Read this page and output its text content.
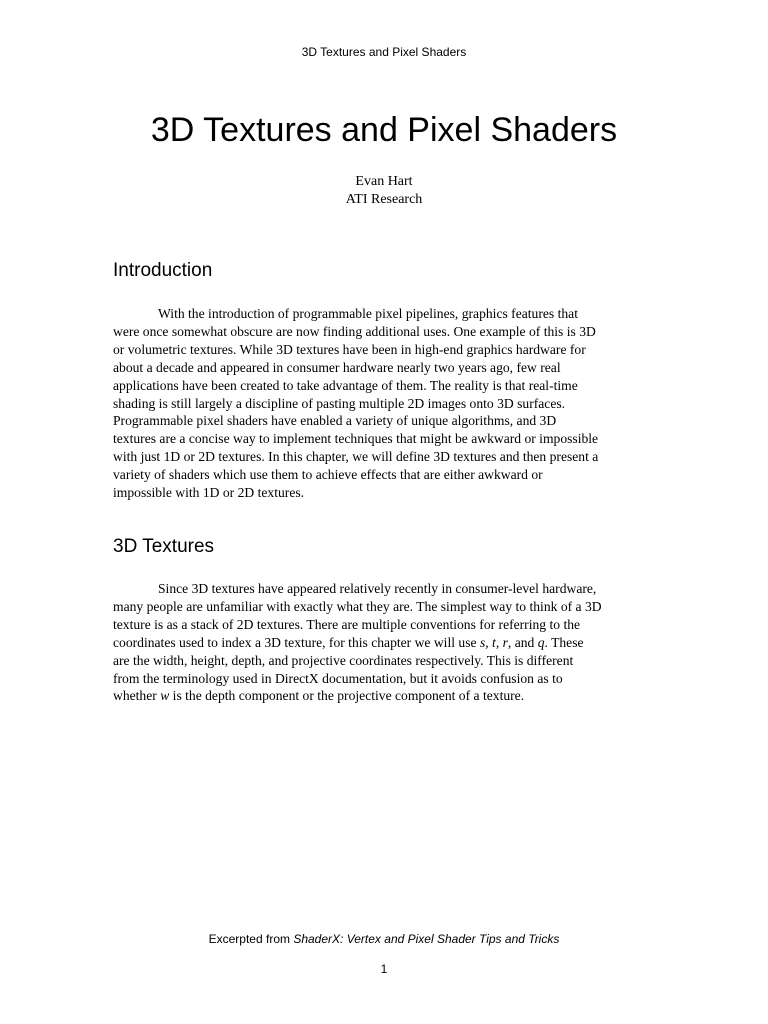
3D Textures and Pixel Shaders
3D Textures and Pixel Shaders
Evan Hart
ATI Research
Introduction

With the introduction of programmable pixel pipelines, graphics features that
were once somewhat obscure are now finding additional uses. One example of this is 3D
or volumetric textures. While 3D textures have been in high-end graphics hardware for
about a decade and appeared in consumer hardware nearly two years ago, few real
applications have been created to take advantage of them. The reality is that real-time
shading is still largely a discipline of pasting multiple 2D images onto 3D surfaces.
Programmable pixel shaders have enabled a variety of unique algorithms, and 3D
textures are a concise way to implement techniques that might be awkward or impossible
with just 1D or 2D textures. In this chapter, we will define 3D textures and then present a
variety of shaders which use them to achieve effects that are either awkward or
impossible with 1D or 2D textures.

3D Textures

Since 3D textures have appeared relatively recently in consumer-level hardware,
many people are unfamiliar with exactly what they are. The simplest way to think of a 3D
texture is as a stack of 2D textures. There are multiple conventions for referring to the
coordinates used to index a 3D texture, for this chapter we will use s, t, r, and q. These
are the width, height, depth, and projective coordinates respectively. This is different
from the terminology used in DirectX documentation, but it avoids confusion as to
whether w is the depth component or the projective component of a texture.

Excerpted from ShaderX: Vertex and Pixel Shader Tips and Tricks
1
